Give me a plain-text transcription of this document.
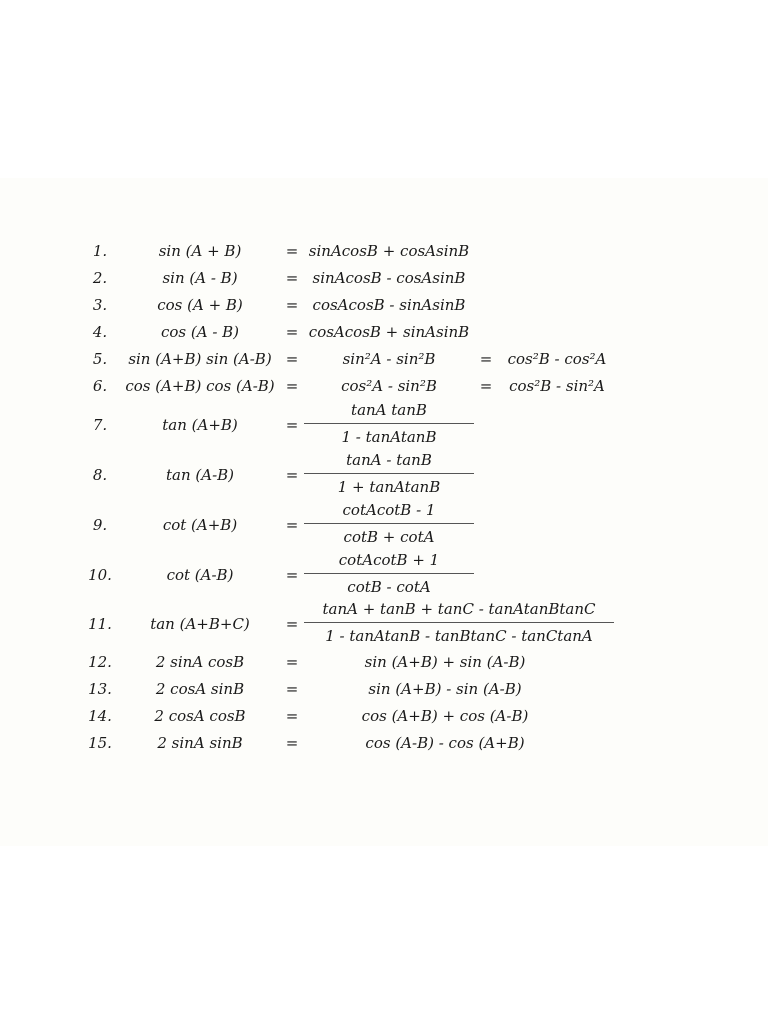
1.	sin (A + B)	= sinAcosB + cosAsinB
2.	sin (A - B)	= sinAcosB - cosAsinB
3.	cos (A + B)	= cosAcosB - sinAsinB
4.	cos (A - B)	= cosAcosB + sinAsinB
5.	sin (A+B) sin (A-B) =	sin²A - sin²B	=	cos²B - cos²A
6.	cos (A+B) cos (A-B) =	cos²A - sin²B	=	cos²B - sin²A
7.	tan (A+B)	=
tanA tanB
1 - tanAtanB
8.	tan (A-B)	=
tanA - tanB
1 + tanAtanB
9.	cot (A+B)	=
cotAcotB - 1
cotB + cotA
10.	cot (A-B)	=
cotAcotB + 1
cotB - cotA
11.	tan (A+B+C)	=
tanA + tanB + tanC - tanAtanBtanC
1 - tanAtanB - tanBtanC - tanCtanA
12.	2 sinA cosB	=	sin (A+B) + sin (A-B)
13.	2 cosA sinB	=	sin (A+B) - sin (A-B)
14.	2 cosA cosB	=	cos (A+B) + cos (A-B)
15.	2 sinA sinB	=	cos (A-B) - cos (A+B)
